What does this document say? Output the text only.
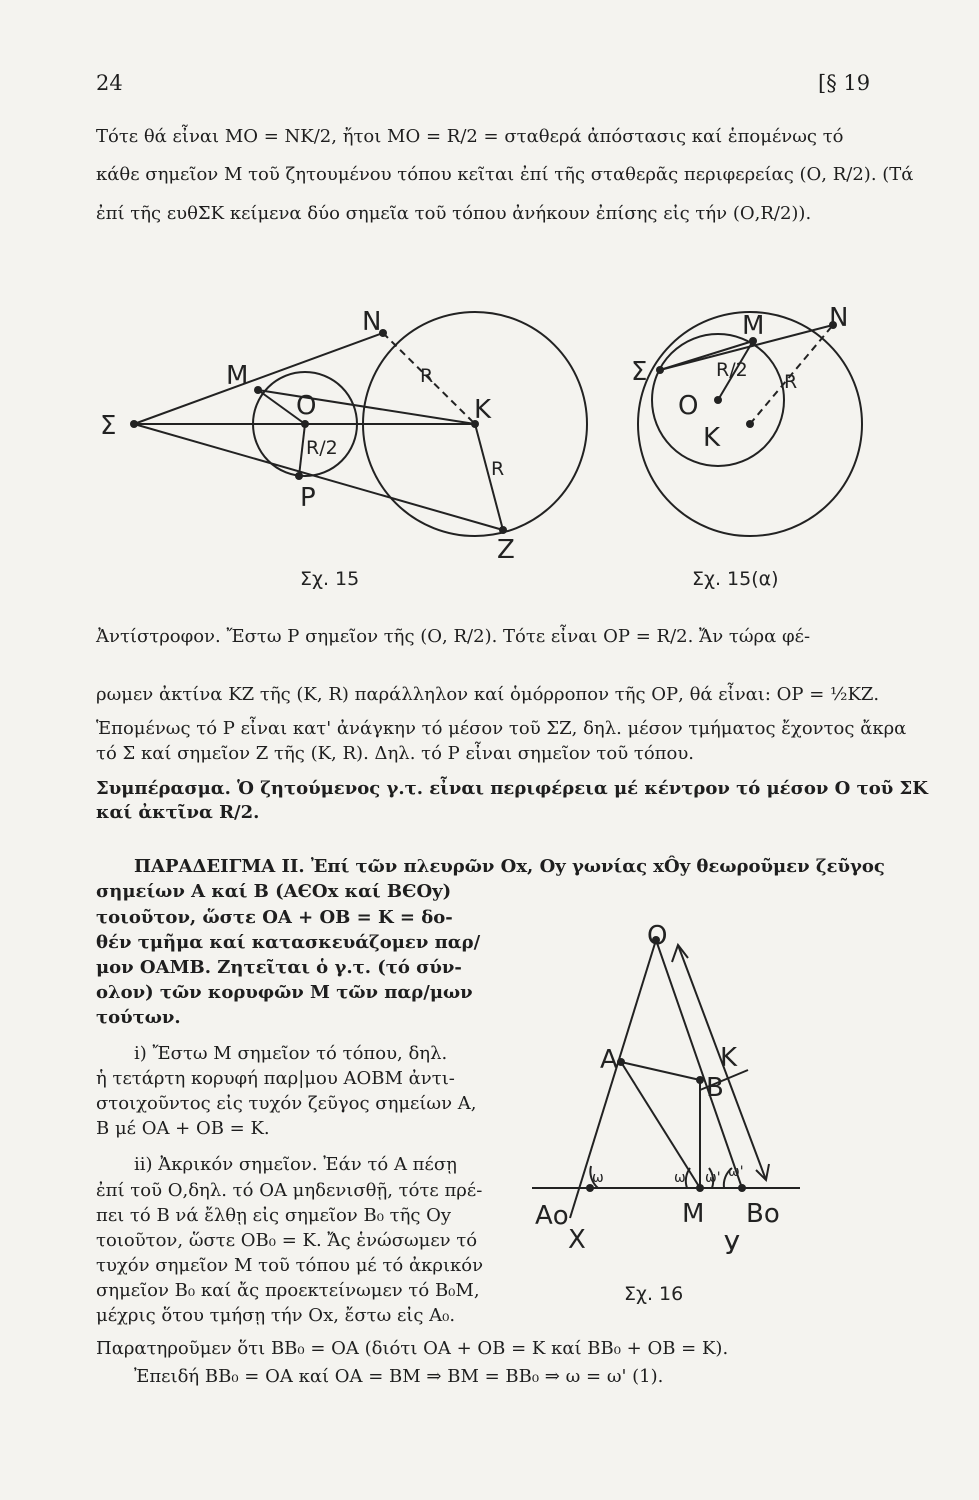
24	[§ 19
Τότε θά εἶναι ΜΟ = ΝΚ/2, ἤτοι ΜΟ = R/2 = σταθερά ἀπόστασις καί ἑπομένως τό
κάθε σημεῖον Μ τοῦ ζητουμένου τόπου κεῖται ἐπί τῆς σταθερᾶς περιφερείας (Ο, R/2). (Τά
ἐπί τῆς ευθΣΚ κείμενα δύο σημεῖα τοῦ τόπου ἀνήκουν ἐπίσης εἰς τήν (Ο,R/2)).
Σ
Μ
Ν
Ο	Κ
Ρ
Ζ
Σ
Μ Ν
Ο
Κ
R
R
R/2
R
R/2
Σχ. 15	Σχ. 15(α)
Ἀντίστροφον. Ἔστω Ρ σημεῖον τῆς (Ο, R/2). Τότε εἶναι ΟΡ = R/2. Ἄν τώρα φέ-
ρωμεν ἀκτίνα ΚΖ τῆς (Κ, R) παράλληλον καί ὁμόρροπον τῆς ΟΡ, θά εἶναι: ΟΡ = ½ΚΖ.
Ἑπομένως τό Ρ εἶναι κατ' ἀνάγκην τό μέσον τοῦ ΣΖ, δηλ. μέσον τμήματος ἔχοντος ἄκρα
τό Σ καί σημεῖον Ζ τῆς (Κ, R). Δηλ. τό Ρ εἶναι σημεῖον τοῦ τόπου.
Συμπέρασμα. Ὁ ζητούμενος γ.τ. εἶναι περιφέρεια μέ κέντρον τό μέσον Ο τοῦ ΣΚ
καί ἀκτῖνα R/2.
ΠΑΡΑΔΕΙΓΜΑ ΙΙ. Ἐπί τῶν πλευρῶν Οx, Οy γωνίας xÔy θεωροῦμεν ζεῦγος
σημείων Α καί Β (ΑЄΟx καί ΒЄΟy)
τοιοῦτον, ὥστε ΟΑ + ΟΒ = Κ = δο-
θέν τμῆμα καί κατασκευάζομεν παρ/
μον ΟΑΜΒ. Ζητεῖται ὁ γ.τ. (τό σύν-
ολον) τῶν κορυφῶν Μ τῶν παρ/μων
τούτων.
i) Ἔστω Μ σημεῖον τό τόπου, δηλ.
ἡ τετάρτη κορυφή παρ|μου ΑΟΒΜ ἀντι-
στοιχοῦντος εἰς τυχόν ζεῦγος σημείων Α,
Β μέ ΟΑ + ΟΒ = Κ.
ii) Ἀκρικόν σημεῖον. Ἐάν τό Α πέσῃ
ἐπί τοῦ Ο,δηλ. τό ΟΑ μηδενισθῇ, τότε πρέ-
πει τό Β νά ἔλθῃ εἰς σημεῖον Β₀ τῆς Οy
τοιοῦτον, ὥστε ΟΒ₀ = Κ. Ἄς ἑνώσωμεν τό
τυχόν σημεῖον Μ τοῦ τόπου μέ τό ἀκρικόν
σημεῖον Β₀ καί ἄς προεκτείνωμεν τό Β₀Μ,
μέχρις ὅτου τμήσῃ τήν Οx, ἔστω εἰς Α₀.
Παρατηροῦμεν ὅτι ΒΒ₀ = ΟΑ (διότι ΟΑ + ΟΒ = Κ καί ΒΒ₀ + ΟΒ = Κ).
Ἐπειδή ΒΒ₀ = ΟΑ καί ΟΑ = ΒΜ ⇒ ΒΜ = ΒΒ₀ ⇒ ω = ω' (1).
Ο
Α	Κ
Β
Αο	Μ Βο
Χ	У
ω	ω ω' ω'
Σχ. 16
